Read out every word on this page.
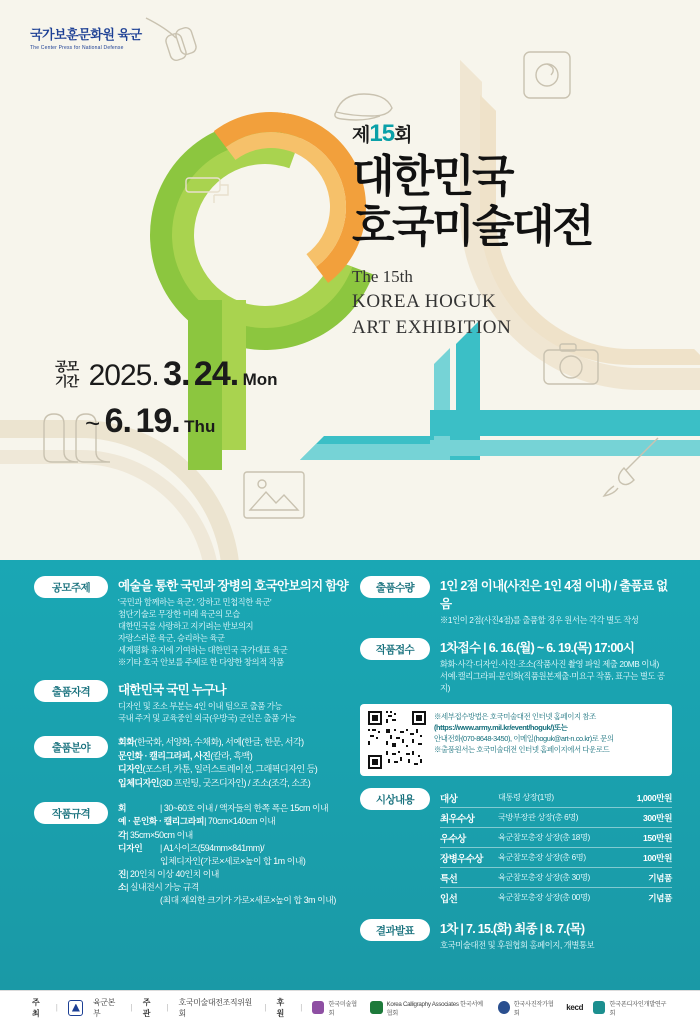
국가보훈문화원 육군
The Center Press for National Defense
제15회
대한민국
호국미술대전
The 15th
KOREA HOGUK
ART EXHIBITION
공모
기간 2025. 3. 24. Mon
~ 6. 19. Thu
공모주제	예술을 통한 국민과 장병의 호국안보의지 함양
'국민과 함께하는 육군', '강하고 민첩직한 육군'
첨단기술로 무장한 미래 육군의 모습
대한민국을 사랑하고 지키려는 반보의지
자랑스러운 육군, 승리하는 육군
세계평화 유지에 기여하는 대한민국 국가대표 육군
※기타 호국 안보를 주제로 한 다양한 창의적 작품
출품자격	대한민국 국민 누구나
디자인 및 조소 부분는 4인 이내 팀으로 출품 가능
국내 주거 및 교육중인 외국(우방국) 군인은 출품 가능
출품분야	회화(한국화, 서양화, 수채화), 서예(한글, 한문, 서각)
문인화 · 캘리그라피, 사진(칼라, 흑백)
디자인(포스터, 카툰, 일러스트레이션, 그래픽디자인 등)
입체디자인(3D 프린팅, 굿즈디자인) / 조소(조각, 소조)
작품규격	회	| 30~60호 이내 / 액자들의 한쪽 폭은 15cm 이내
예 · 문인화 · 캘리그라피| 70cm×140cm 이내
각| 35cm×50cm 이내
디자인 | A1사이즈(594mm×841mm)/
입체디자인(가로×세로×높이 합 1m 이내)
진| 20인치 이상 40인치 이내
소| 실내전시 가능 규격
(최대 제외한 크기가 가로×세로×높이 합 3m 이내)
출품수량	1인 2점 이내(사진은 1인 4점 이내) / 출품료 없음
※1인이 2점(사진4점)를 출품할 경우 원서는 각각 별도 작성
작품접수	1차접수 | 6. 16.(월) ~ 6. 19.(목) 17:00시
화화·사각·디자인·사진·조소(작품사진 촬영 파일 제출 20MB 이내)
서예·캘리그라피·문인화(직품원본제출·미요구 작품, 표구는 별도 공지)
※세부접수방법은 호국미술대전 인터넷 홈페이지 참조
(https://www.army.mil.kr/event/hoguk/)또는
안내전화(070-8648-3450), 이메일(hoguk@art-n.co.kr)로 문의
※출품원서는 호국미술대전 인터넷 홈페이지에서 다운로드
시상내용	대상	대통령 상장(1명)	1,000만원
최우수상	국방부장관 상장(총 6명)	300만원
우수상	육군참모총장 상장(총 18명)	150만원
장병우수상	육군참모총장 상장(총 6명)	100만원
특선	육군참모총장 상장(총 30명)	기념품
입선	육군참모총장 상장(총 00명)	기념품
결과발표	1차 | 7. 15.(화) 최종 | 8. 7.(목)
호국미술대전 및 후원협회 홈페이지, 개별통보
주최
|
육군본부
|
주관
|
호국미술대전조직위원회
|
후원
|	한국미술협회
Korea Calligraphy Associates 한국서예협회
한국사진작가협회
kecd	한국폰디자인개발연구회
